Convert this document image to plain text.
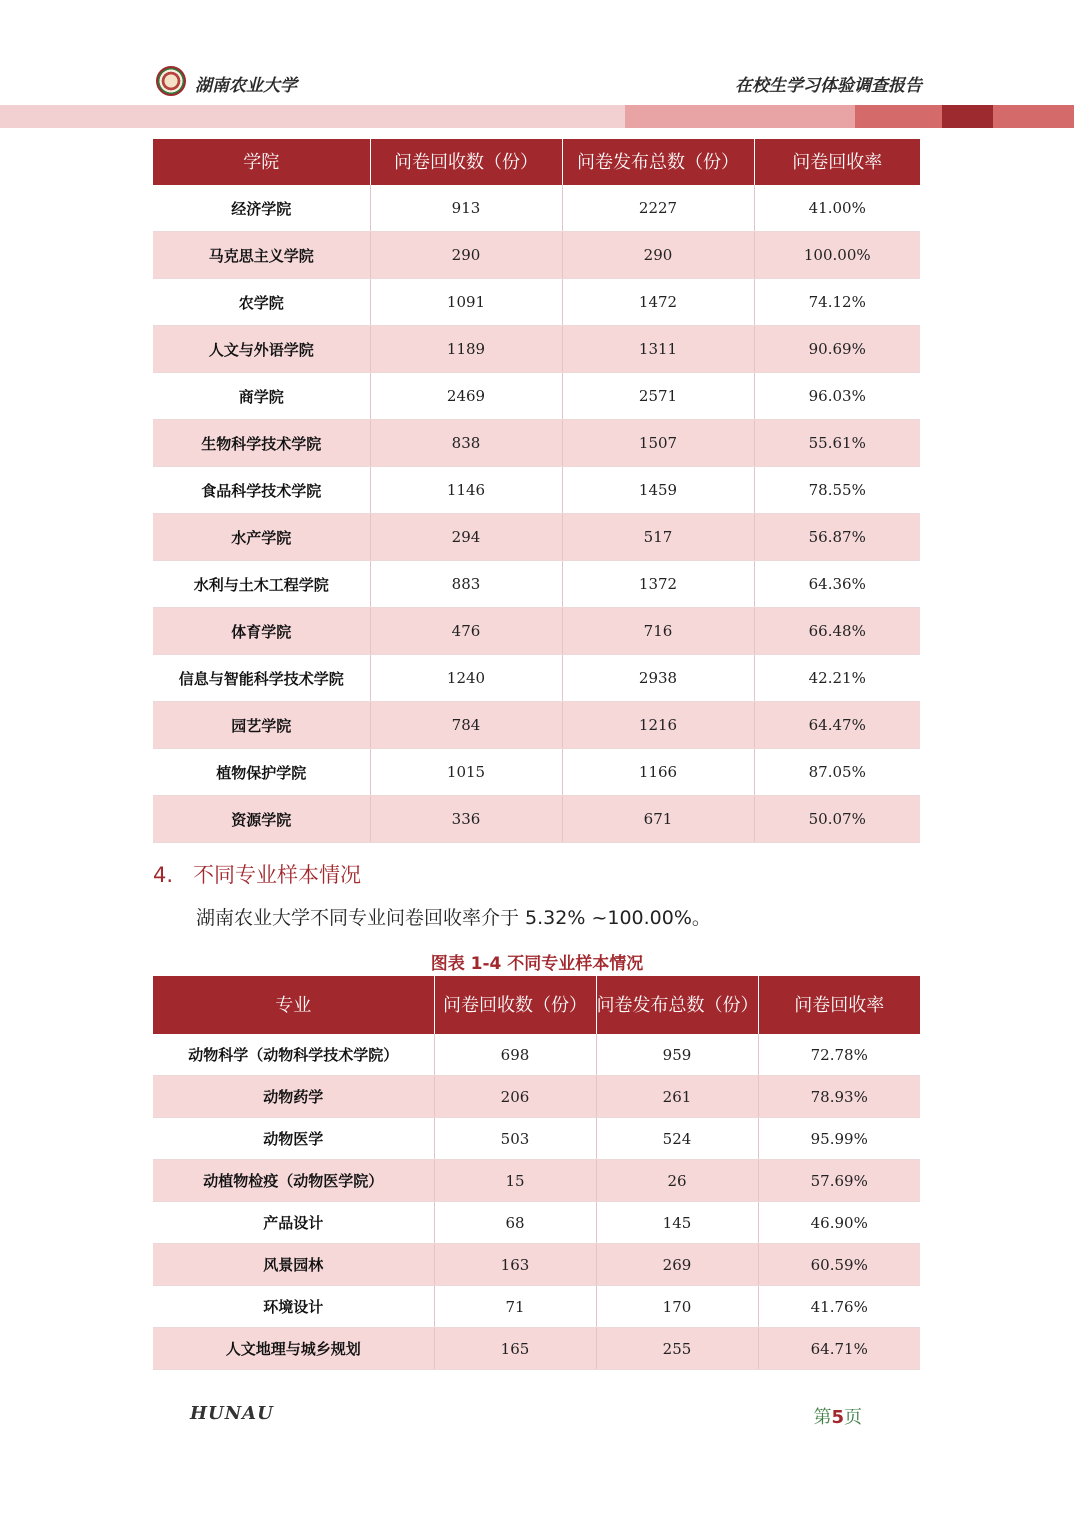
湖南农业大学	在校生学习体验调查报告
学院	问卷回收数（份）	问卷发布总数（份）	问卷回收率
经济学院	913	2227	41.00%
马克思主义学院	290	290	100.00%
农学院	1091	1472	74.12%
人文与外语学院	1189	1311	90.69%
商学院	2469	2571	96.03%
生物科学技术学院	838	1507	55.61%
食品科学技术学院	1146	1459	78.55%
水产学院	294	517	56.87%
水利与土木工程学院	883	1372	64.36%
体育学院	476	716	66.48%
信息与智能科学技术学院	1240	2938	42.21%
园艺学院	784	1216	64.47%
植物保护学院	1015	1166	87.05%
资源学院	336	671	50.07%
4. 不同专业样本情况
湖南农业大学不同专业问卷回收率介于 5.32% ~100.00%。
图表 1-4 不同专业样本情况
专业	问卷回收数（份）	问卷发布总数（份）	问卷回收率
动物科学（动物科学技术学院）	698	959	72.78%
动物药学	206	261	78.93%
动物医学	503	524	95.99%
动植物检疫（动物医学院）	15	26	57.69%
产品设计	68	145	46.90%
风景园林	163	269	60.59%
环境设计	71	170	41.76%
人文地理与城乡规划	165	255	64.71%
HUNAU	第5页
